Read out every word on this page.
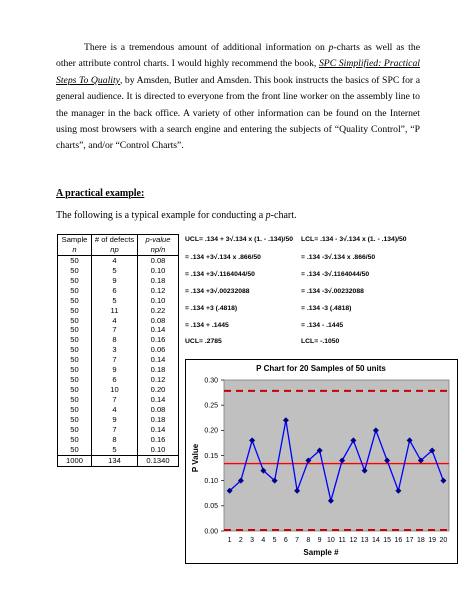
There is a tremendous amount of additional information on p-charts as well as the other attribute control charts. I would highly recommend the book, SPC Simplified: Practical Steps To Quality, by Amsden, Butler and Amsden. This book instructs the basics of SPC for a general audience. It is directed to everyone from the front line worker on the assembly line to the manager in the back office. A variety of other information can be found on the Internet using most browsers with a search engine and entering the subjects of “Quality Control”, “P charts”, and/or “Control Charts”.
A practical example:
The following is a typical example for conducting a p-chart.
Sample	# of defects	p-value
n	np	np/n
50	4	0.08
50	5	0.10
50	9	0.18
50	6	0.12
50	5	0.10
50	11	0.22
50	4	0.08
50	7	0.14
50	8	0.16
50	3	0.06
50	7	0.14
50	9	0.18
50	6	0.12
50	10	0.20
50	7	0.14
50	4	0.08
50	9	0.18
50	7	0.14
50	8	0.16
50	5	0.10
1000	134	0.1340
UCL= .134 + 3√.134 x (1. - .134)/50
= .134 +3√.134 x .866/50
= .134 +3√.1164044/50
= .134 +3√.00232088
= .134 +3 (.4818)
= .134 + .1445
UCL= .2785
LCL= .134 - 3√.134 x (1. - .134)/50
= .134 -3√.134 x .866/50
= .134 -3√.1164044/50
= .134 -3√.00232088
= .134 -3 (.4818)
= .134 - .1445
LCL= -.1050
P Chart for 20 Samples of 50 units
0.00
0.05
0.10
0.15
0.20
0.25
0.30
1 2 3 4 5 6 7 8 9 10 11 12 13 14 15 16 17 18 19 20
Sample #
P Value
